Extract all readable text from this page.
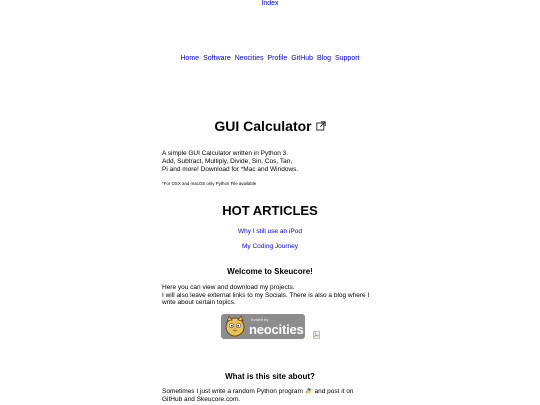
Index
Home Software Neocities Profile GitHub Blog Support
GUI Calculator
A simple GUI Calculator written in Python 3.
Add, Subtract, Multiply, Divide, Sin, Cos, Tan,
Pi and more! Download for *Mac and Windows.
*For OSX and macOS only Python File available
HOT ARTICLES
Why I still use an iPod
My Coding Journey
Welcome to Skeucore!
Here you can view and download my projects.
I will also leave external links to my Socials. There is also a blog where I
write about certain topics.
hosted by
neocities
What is this site about?
Sometimes I just write a random Python program and post it on
GitHub and Skeucore.com.
